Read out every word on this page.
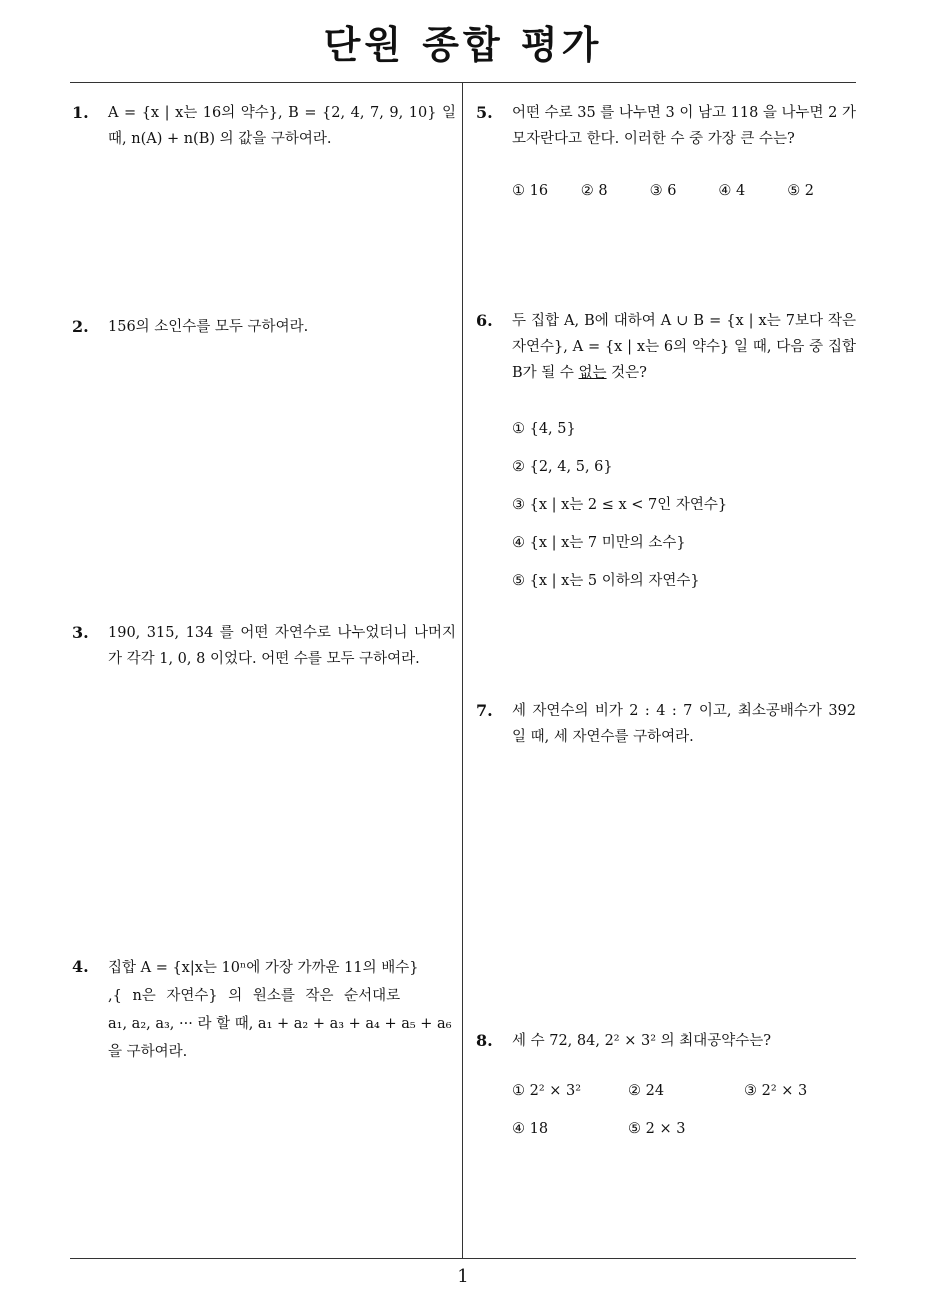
단원 종합 평가
1. A = {x | x는 16의 약수}, B = {2, 4, 7, 9, 10} 일 때, n(A) + n(B) 의 값을 구하여라.
2. 156의 소인수를 모두 구하여라.
3. 190, 315, 134 를 어떤 자연수로 나누었더니 나머지가 각각 1, 0, 8 이었다. 어떤 수를 모두 구하여라.
4. 집합 A = {x|x는 10ⁿ에 가장 가까운 11의 배수}
,{ n은 자연수} 의 원소를 작은 순서대로
a₁, a₂, a₃, ··· 라 할 때, a₁ + a₂ + a₃ + a₄ + a₅ + a₆
을 구하여라.
5. 어떤 수로 35 를 나누면 3 이 남고 118 을 나누면 2 가 모자란다고 한다. 이러한 수 중 가장 큰 수는?
① 16	② 8	③ 6	④ 4	⑤ 2
6. 두 집합 A, B에 대하여 A ∪ B = {x | x는 7보다 작은 자연수}, A = {x | x는 6의 약수} 일 때, 다음 중 집합 B가 될 수 없는 것은?
① {4, 5}
② {2, 4, 5, 6}
③ {x | x는 2 ≤ x < 7인 자연수}
④ {x | x는 7 미만의 소수}
⑤ {x | x는 5 이하의 자연수}
7. 세 자연수의 비가 2 : 4 : 7 이고, 최소공배수가 392 일 때, 세 자연수를 구하여라.
8. 세 수 72, 84, 2² × 3² 의 최대공약수는?
① 2² × 3²	② 24	③ 2² × 3
④ 18	⑤ 2 × 3
1
